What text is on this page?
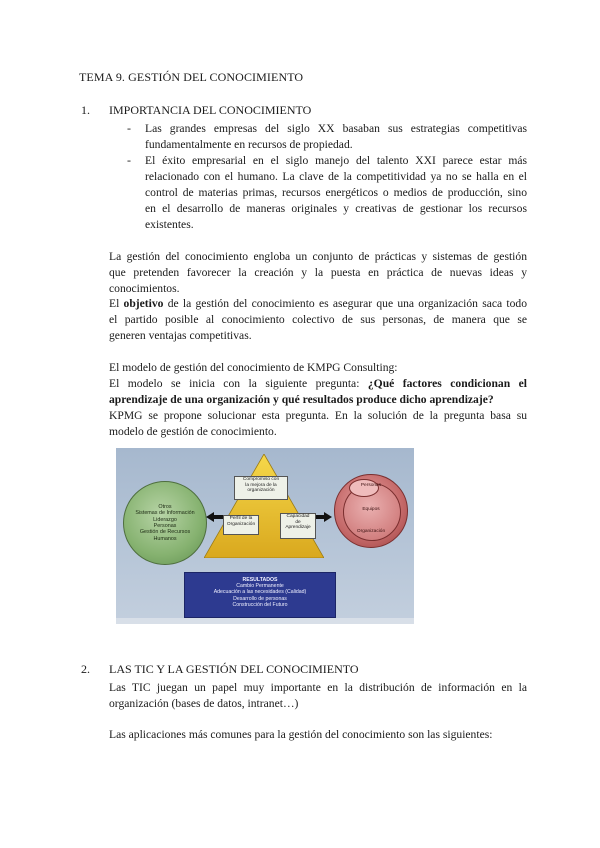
TEMA 9. GESTIÓN DEL CONOCIMIENTO
1. IMPORTANCIA DEL CONOCIMIENTO
- Las grandes empresas del siglo XX basaban sus estrategias competitivas
fundamentalmente en recursos de propiedad.
- El éxito empresarial en el siglo manejo del talento XXI parece estar más
relacionado con el humano. La clave de la competitividad ya no se halla en el
control de materias primas, recursos energéticos o medios de producción, sino
en el desarrollo de maneras originales y creativas de gestionar los recursos
existentes.
La gestión del conocimiento engloba un conjunto de prácticas y sistemas de gestión
que pretenden favorecer la creación y la puesta en práctica de nuevas ideas y
conocimientos.
El objetivo de la gestión del conocimiento es asegurar que una organización saca todo
el partido posible al conocimiento colectivo de sus personas, de manera que se
generen ventajas competitivas.
El modelo de gestión del conocimiento de KMPG Consulting:
El modelo se inicia con la siguiente pregunta: ¿Qué factores condicionan el
aprendizaje de una organización y qué resultados produce dicho aprendizaje?
KPMG se propone solucionar esta pregunta. En la solución de la pregunta basa su
modelo de gestión de conocimiento.
Otros
Sistemas de Información
Liderazgo
Personas
Gestión de Recursos
Humanos
Compromiso con
la mejora de la
organización
Perfil de la
Organización
Capacidad
de
Aprendizaje
Personas
Equipos
Organización
RESULTADOS
Cambio Permanente
Adecuación a las necesidades (Calidad)
Desarrollo de personas
Construcción del Futuro
2. LAS TIC Y LA GESTIÓN DEL CONOCIMIENTO
Las TIC juegan un papel muy importante en la distribución de información en la
organización (bases de datos, intranet…)
Las aplicaciones más comunes para la gestión del conocimiento son las siguientes:
